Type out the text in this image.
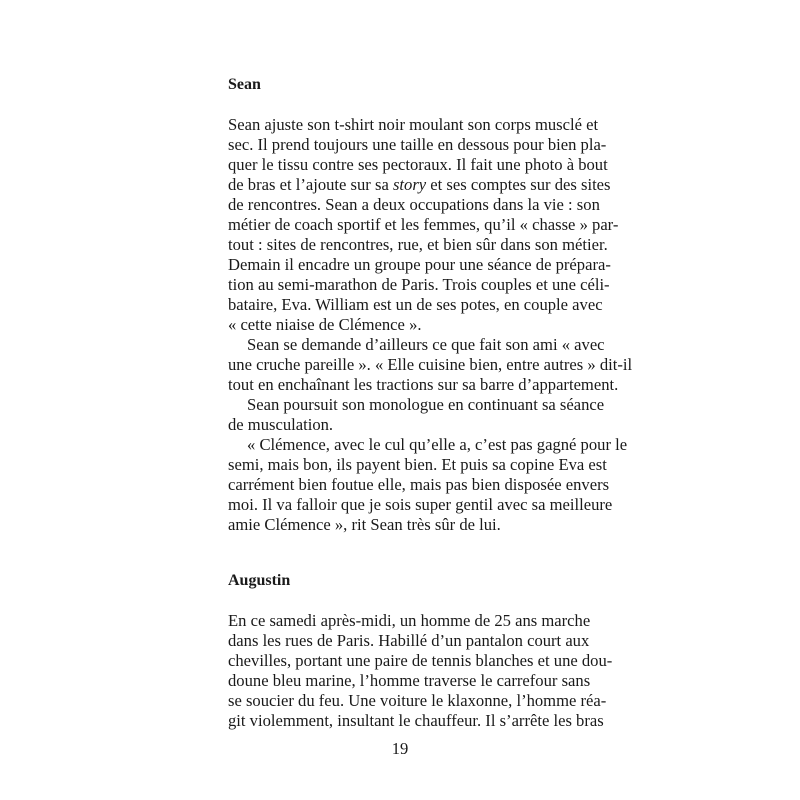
Sean
Sean ajuste son t-shirt noir moulant son corps musclé et
sec. Il prend toujours une taille en dessous pour bien pla-
quer le tissu contre ses pectoraux. Il fait une photo à bout
de bras et l’ajoute sur sa story et ses comptes sur des sites
de rencontres. Sean a deux occupations dans la vie : son
métier de coach sportif et les femmes, qu’il « chasse » par-
tout : sites de rencontres, rue, et bien sûr dans son métier.
Demain il encadre un groupe pour une séance de prépara-
tion au semi-marathon de Paris. Trois couples et une céli-
bataire, Eva. William est un de ses potes, en couple avec
« cette niaise de Clémence ».
Sean se demande d’ailleurs ce que fait son ami « avec
une cruche pareille ». « Elle cuisine bien, entre autres » dit-il
tout en enchaînant les tractions sur sa barre d’appartement.
Sean poursuit son monologue en continuant sa séance
de musculation.
« Clémence, avec le cul qu’elle a, c’est pas gagné pour le
semi, mais bon, ils payent bien. Et puis sa copine Eva est
carrément bien foutue elle, mais pas bien disposée envers
moi. Il va falloir que je sois super gentil avec sa meilleure
amie Clémence », rit Sean très sûr de lui.
Augustin
En ce samedi après-midi, un homme de 25 ans marche
dans les rues de Paris. Habillé d’un pantalon court aux
chevilles, portant une paire de tennis blanches et une dou-
doune bleu marine, l’homme traverse le carrefour sans
se soucier du feu. Une voiture le klaxonne, l’homme réa-
git violemment, insultant le chauffeur. Il s’arrête les bras
19
